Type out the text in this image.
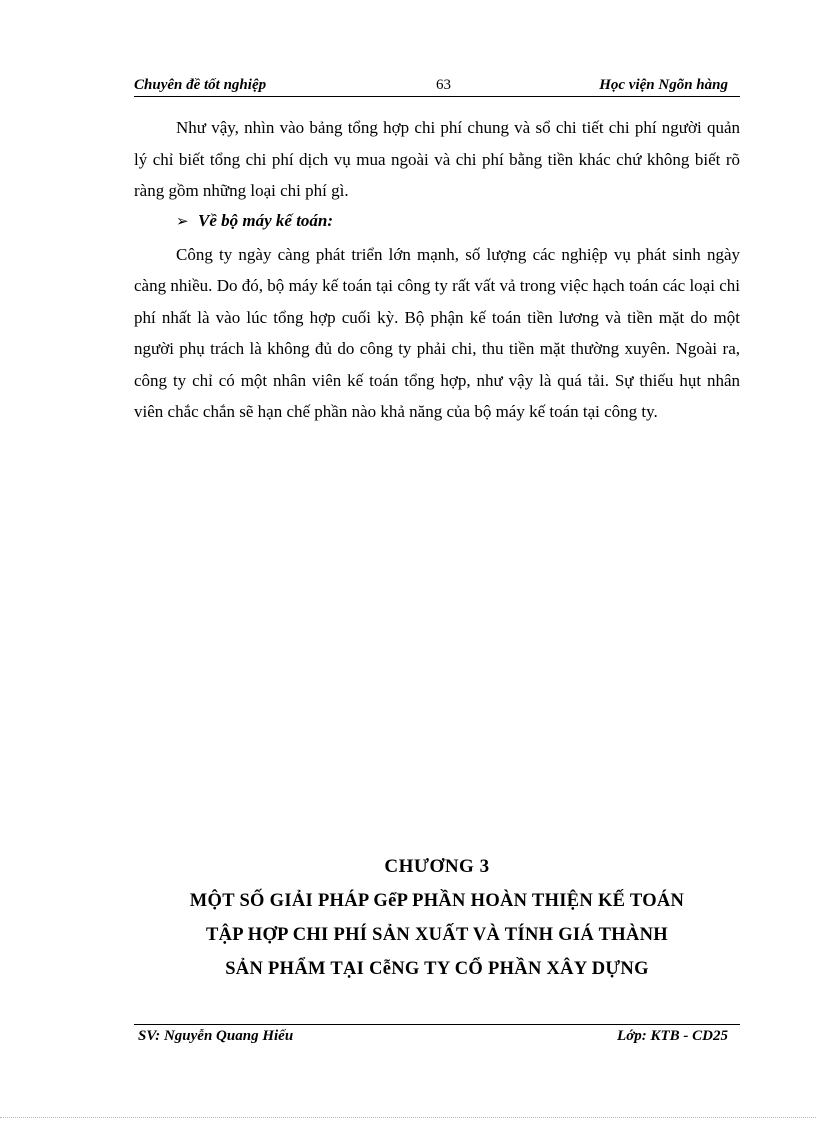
Chuyên đề tốt nghiệp	63	Học viện Ngõn hàng

Như vậy, nhìn vào bảng tổng hợp chi phí chung và sổ chi tiết chi phí người quản lý chỉ biết tổng chi phí dịch vụ mua ngoài và chi phí bằng tiền khác chứ không biết rõ ràng gồm những loại chi phí gì.

➢ Về bộ máy kế toán:

Công ty ngày càng phát triển lớn mạnh, số lượng các nghiệp vụ phát sinh ngày càng nhiều. Do đó, bộ máy kế toán tại công ty rất vất vả trong việc hạch toán các loại chi phí nhất là vào lúc tổng hợp cuối kỳ. Bộ phận kế toán tiền lương và tiền mặt do một người phụ trách là không đủ do công ty phải chi, thu tiền mặt thường xuyên. Ngoài ra, công ty chỉ có một nhân viên kế toán tổng hợp, như vậy là quá tải. Sự thiếu hụt nhân viên chắc chắn sẽ hạn chế phần nào khả năng của bộ máy kế toán tại công ty.

CHƯƠNG 3
MỘT SỐ GIẢI PHÁP GểP PHẦN HOÀN THIỆN KẾ TOÁN
TẬP HỢP CHI PHÍ SẢN XUẤT VÀ TÍNH GIÁ THÀNH
SẢN PHẨM TẠI CễNG TY CỔ PHẦN XÂY DỰNG
SV: Nguyễn Quang Hiếu	Lớp: KTB - CD25
